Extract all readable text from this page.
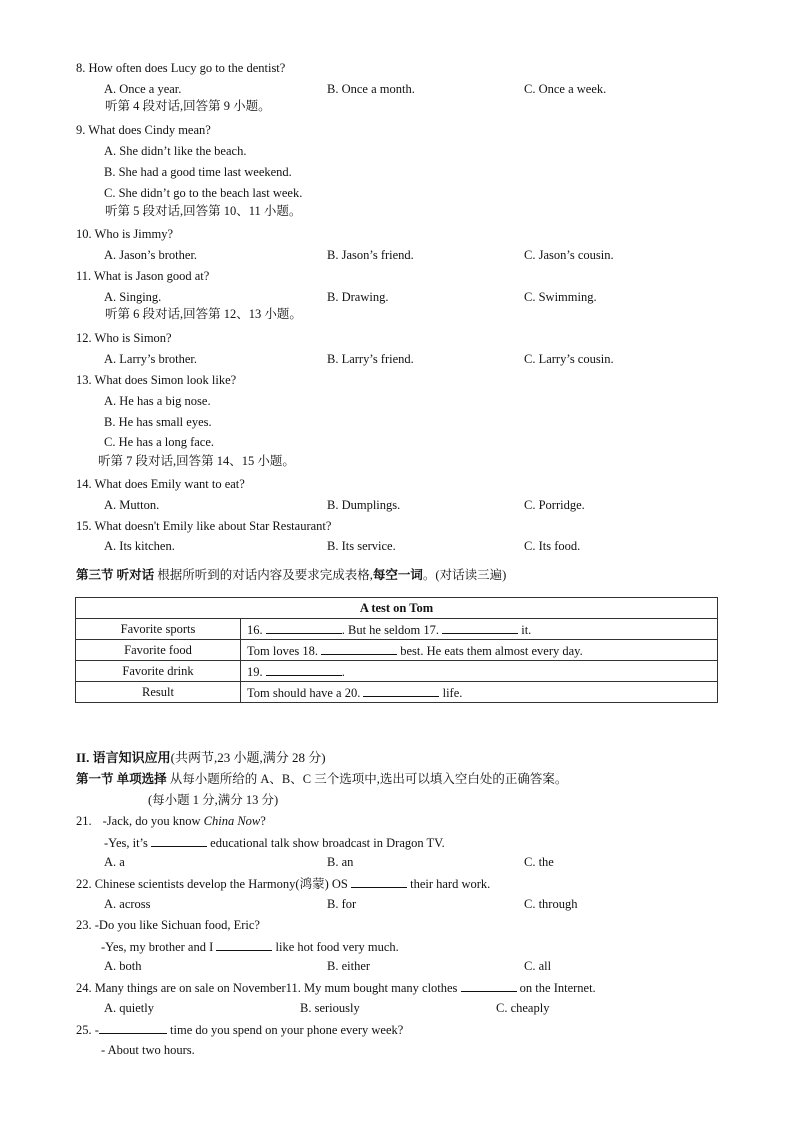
8. How often does Lucy go to the dentist?
A. Once a year.	B. Once a month.	C. Once a week.
听第 4 段对话,回答第 9 小题。
9. What does Cindy mean?
A. She didn’t like the beach.
B. She had a good time last weekend.
C. She didn’t go to the beach last week.
听第 5 段对话,回答第 10、11 小题。
10. Who is Jimmy?
A. Jason’s brother.	B. Jason’s friend.	C. Jason’s cousin.
11. What is Jason good at?
A. Singing.	B. Drawing.	C. Swimming.
听第 6 段对话,回答第 12、13 小题。
12. Who is Simon?
A. Larry’s brother.	B. Larry’s friend.	C. Larry’s cousin.
13. What does Simon look like?
A. He has a big nose.
B. He has small eyes.
C. He has a long face.
听第 7 段对话,回答第 14、15 小题。
14. What does Emily want to eat?
A. Mutton.	B. Dumplings.	C. Porridge.
15. What doesn't Emily like about Star Restaurant?
A. Its kitchen.	B. Its service.	C. Its food.
第三节 听对话 根据所听到的对话内容及要求完成表格,每空一词。(对话读三遍)
A test on Tom	
Favorite sports	16. . But he seldom 17. it.
Favorite food	Tom loves 18. best. He eats them almost every day.
Favorite drink	19. .
Result	Tom should have a 20. life.
II. 语言知识应用(共两节,23 小题,满分 28 分)
第一节 单项选择 从每小题所给的 A、B、C 三个选项中,选出可以填入空白处的正确答案。
(每小题 1 分,满分 13 分)
21. -Jack, do you know China Now?
-Yes, it’s	educational talk show broadcast in Dragon TV.
A. a	B. an	C. the
22. Chinese scientists develop the Harmony(鸿蒙) OS	their hard work.
A. across	B. for	C. through
23. -Do you like Sichuan food, Eric?
-Yes, my brother and I	like hot food very much.
A. both	B. either	C. all
24. Many things are on sale on November11. My mum bought many clothes	on the Internet.
A. quietly	B. seriously	C. cheaply
25. -	time do you spend on your phone every week?
- About two hours.
